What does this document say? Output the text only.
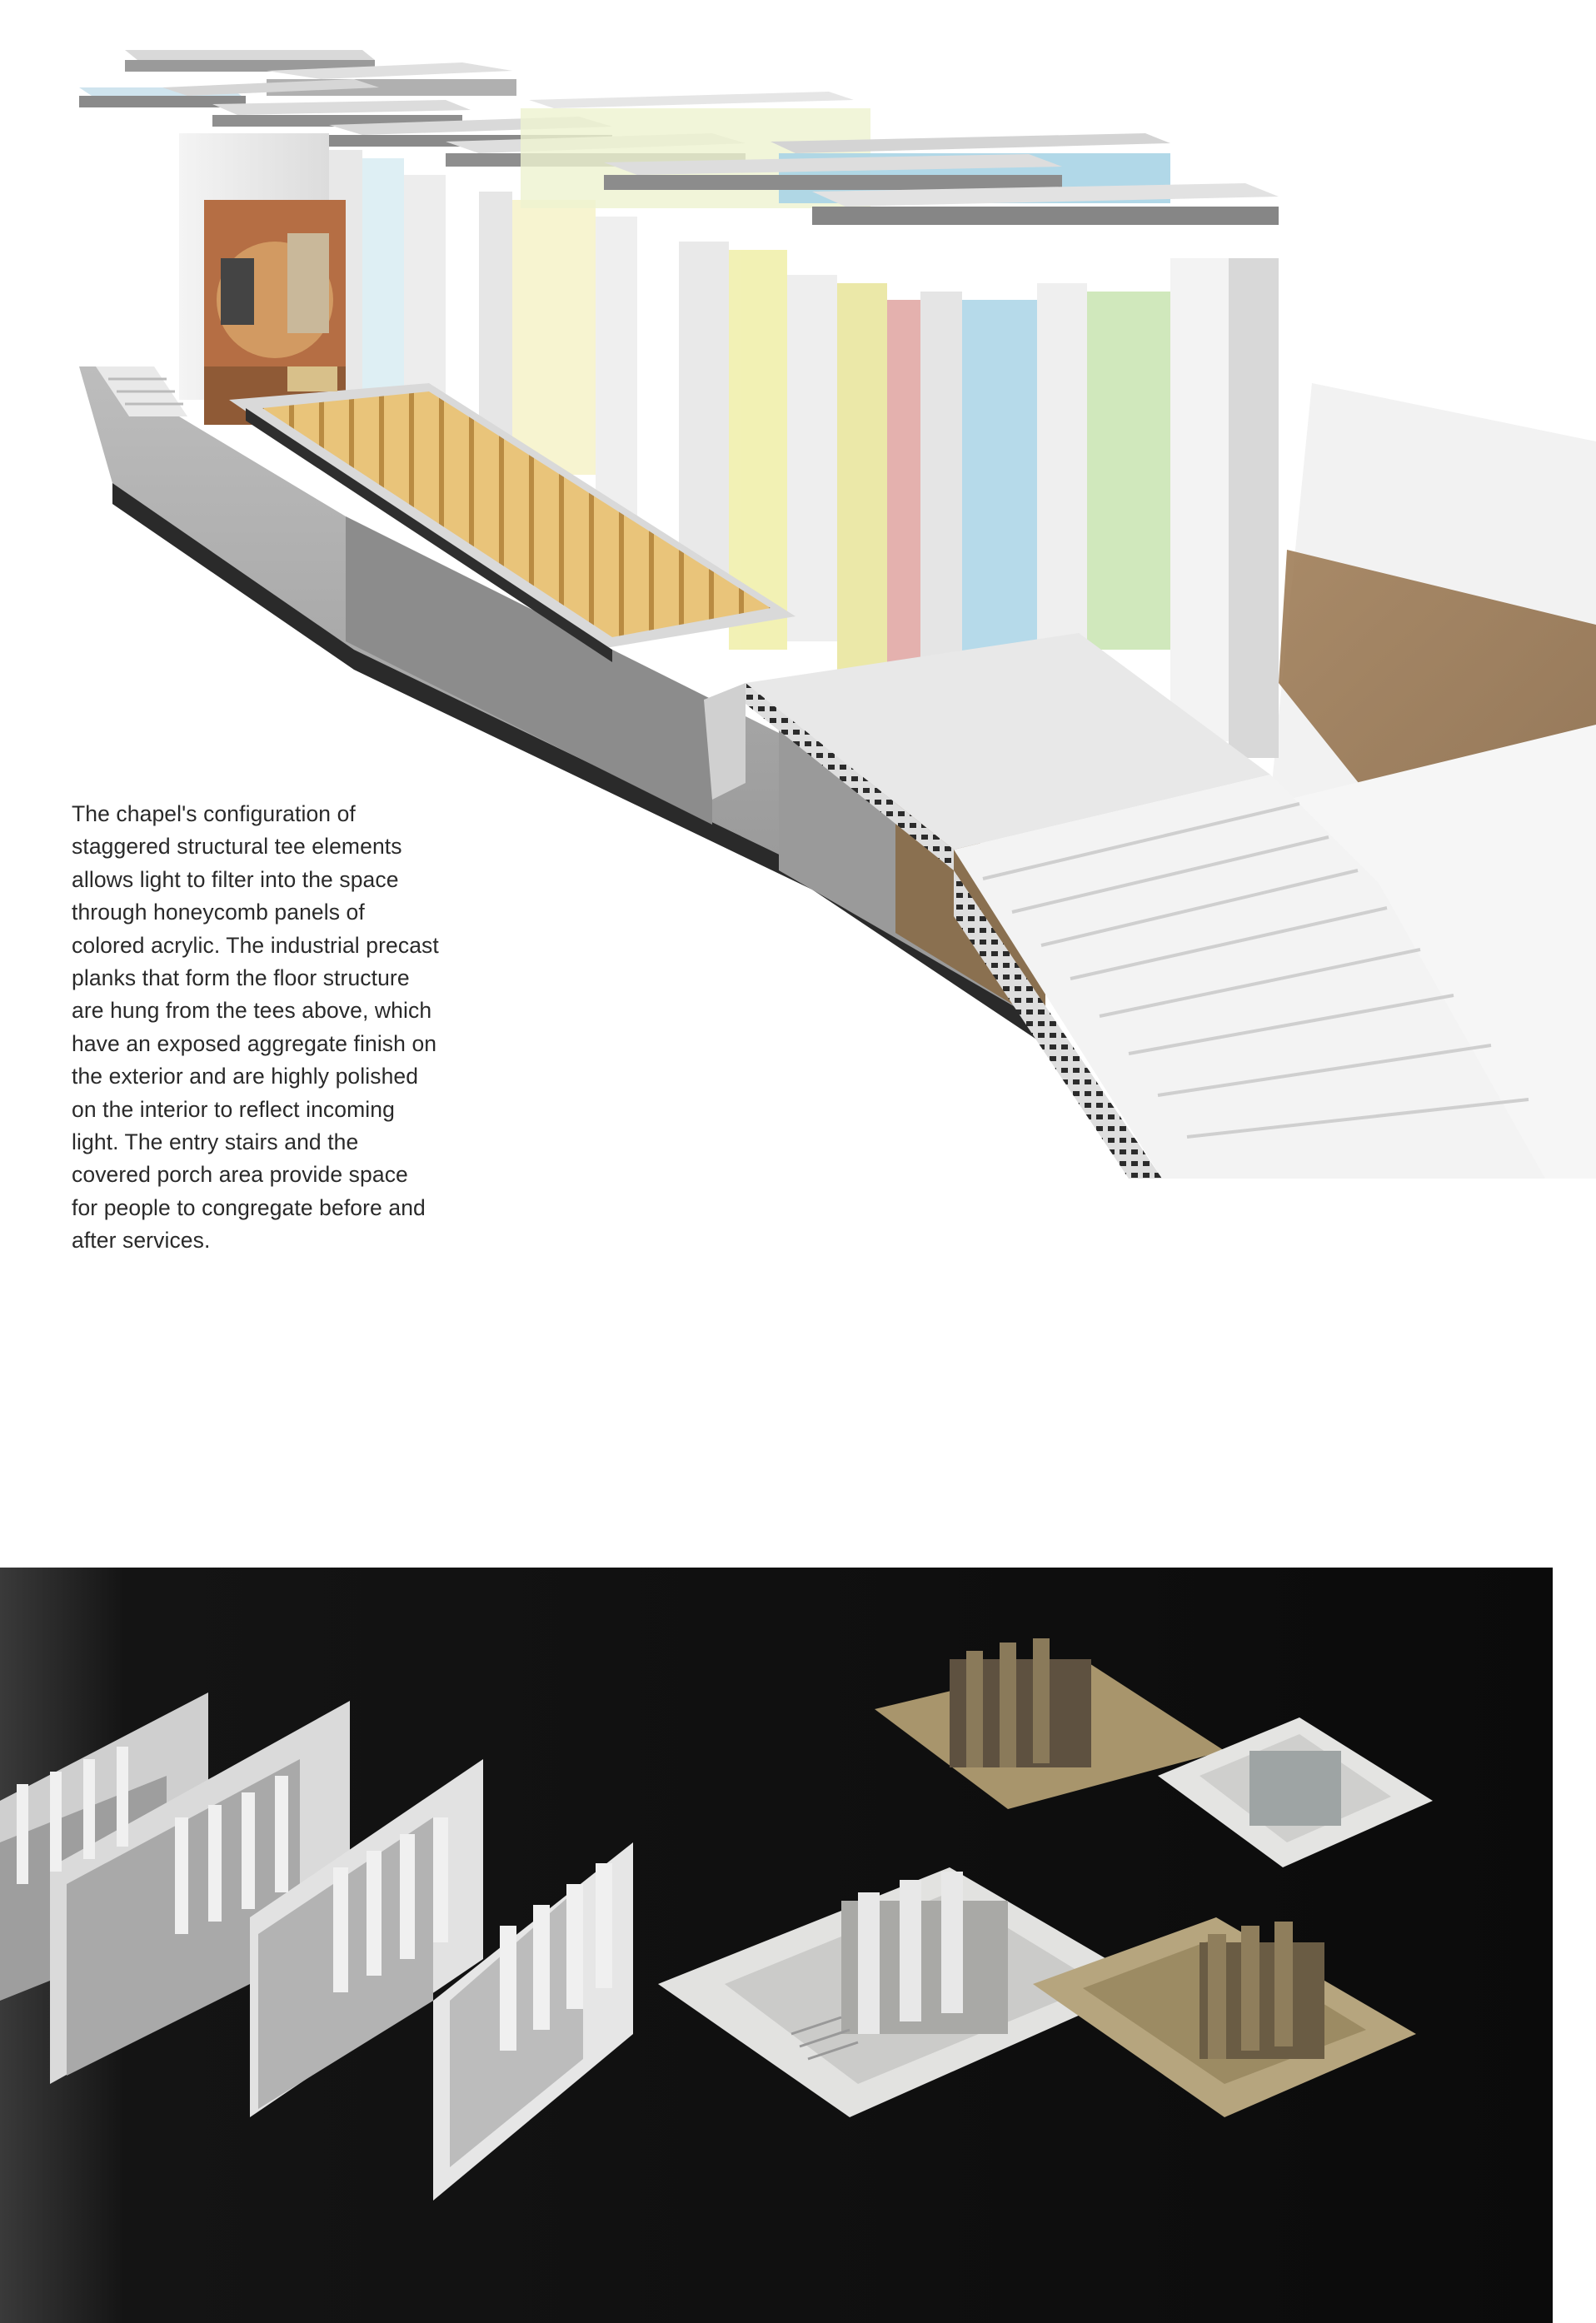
The chapel's configuration of
staggered structural tee elements
allows light to filter into the space
through honeycomb panels of
colored acrylic. The industrial precast
planks that form the floor structure
are hung from the tees above, which
have an exposed aggregate finish on
the exterior and are highly polished
on the interior to reflect incoming
light. The entry stairs and the
covered porch area provide space
for people to congregate before and
after services.
